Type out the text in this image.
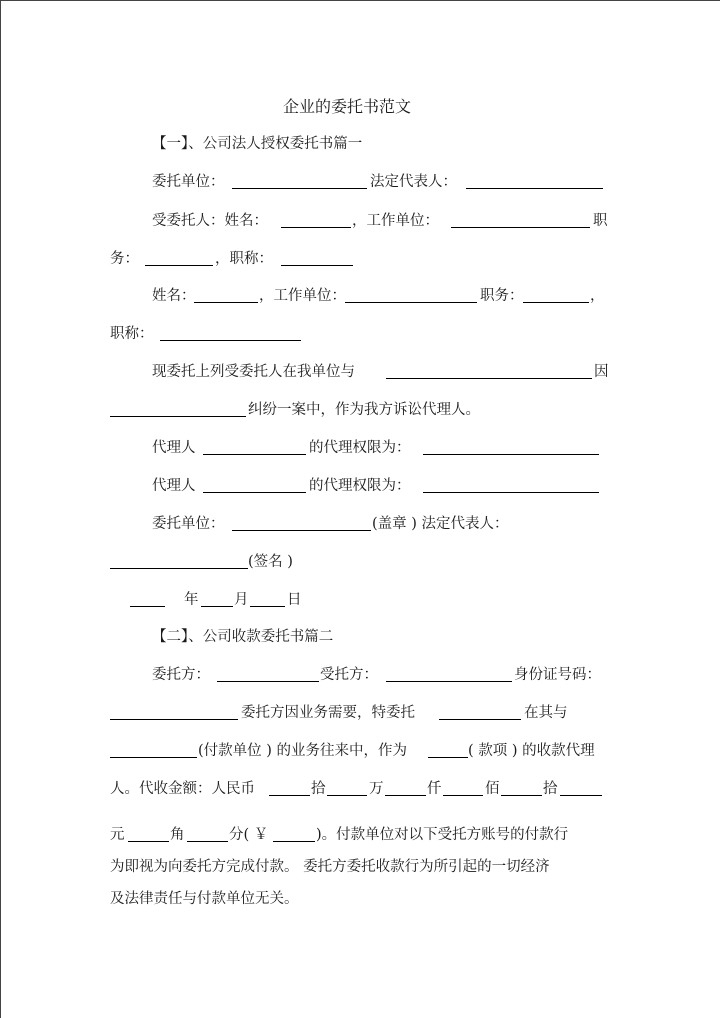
企业的委托书范文
【一】、公司法人授权委托书篇一
委托单位：	法定代表人：
受委托人：姓名：	，工作单位：	职
务：	，职称：
姓名：	，工作单位：	职务：	，
职称：
现委托上列受委托人在我单位与	因
纠纷一案中，作为我方诉讼代理人。
代理人	的代理权限为：
代理人	的代理权限为：
委托单位：	(盖章 ) 法定代表人：
(签名 )
年 月	日
【二】、公司收款委托书篇二
委托方：	受托方：	身份证号码：
委托方因业务需要，特委托	在其与
(付款单位 ) 的业务往来中，作为	( 款项 ) 的收款代理
人。代收金额：人民币	拾	万	仟	佰	拾
元	角	分( ￥	)。付款单位对以下受托方账号的付款行
为即视为向委托方完成付款。 委托方委托收款行为所引起的一切经济
及法律责任与付款单位无关。
